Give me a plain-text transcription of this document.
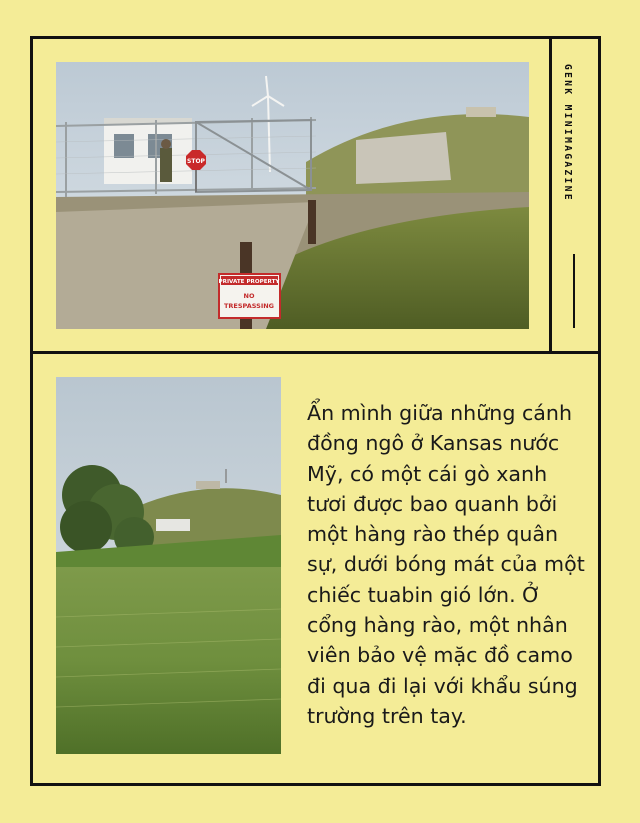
STOP
PRIVATE PROPERTY
NO
TRESPASSING
GENK MINIMAGAZINE

Ẩn mình giữa những cánh đồng ngô ở Kansas nước Mỹ, có một cái gò xanh tươi được bao quanh bởi một hàng rào thép quân sự, dưới bóng mát của một chiếc tuabin gió lớn. Ở cổng hàng rào, một nhân viên bảo vệ mặc đồ camo đi qua đi lại với khẩu súng trường trên tay.
